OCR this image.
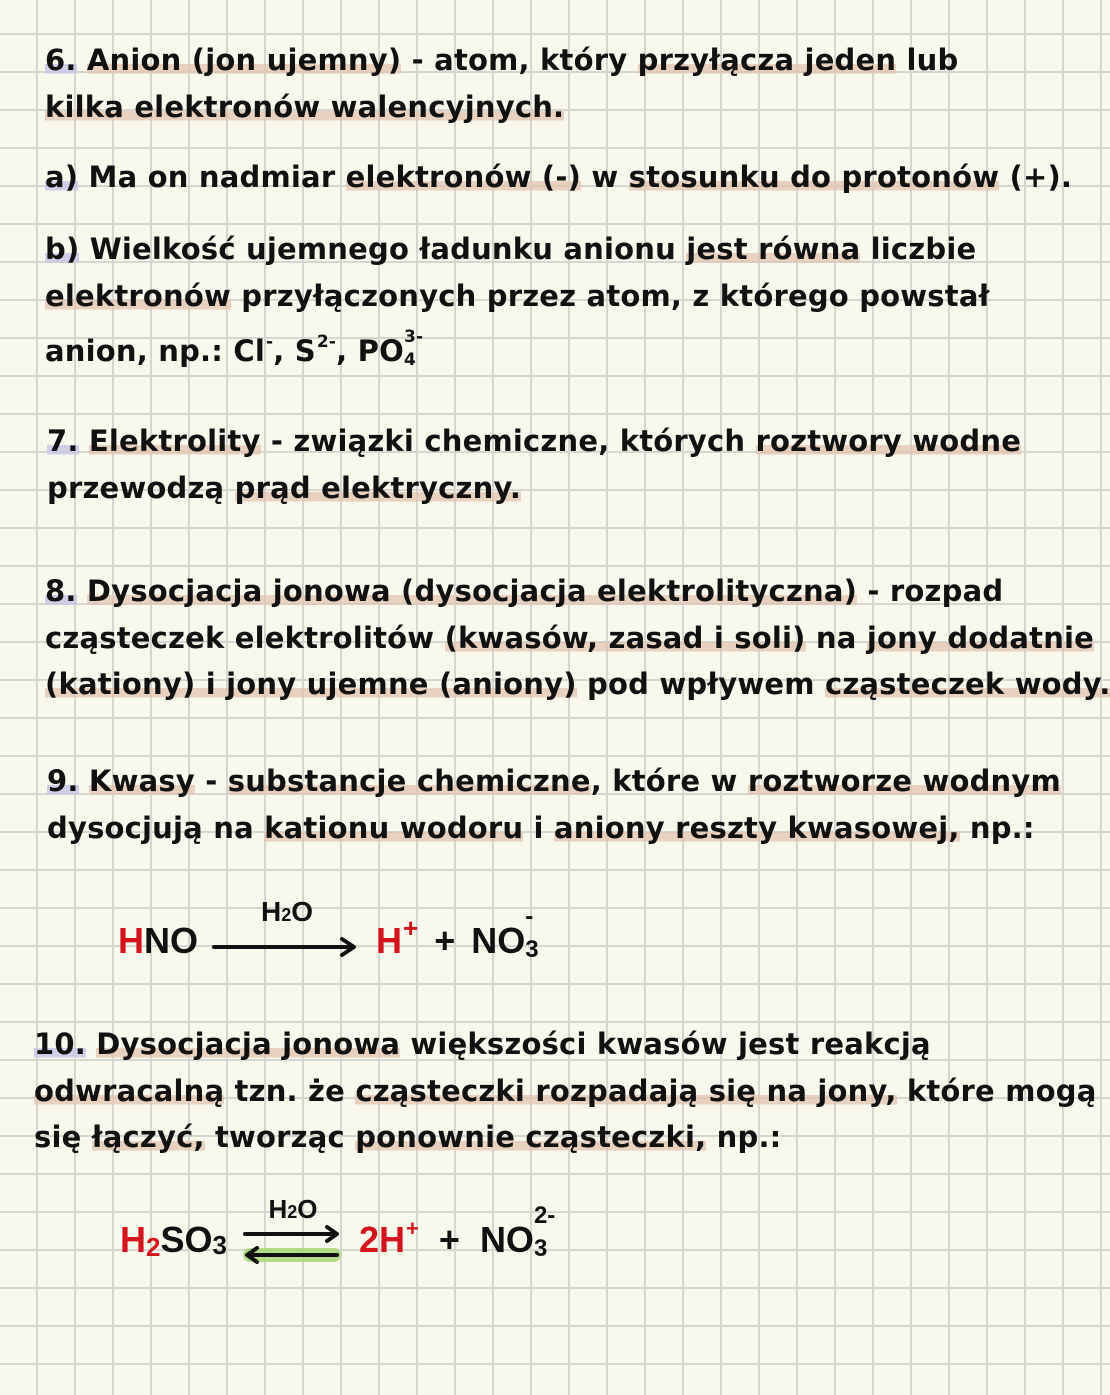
6. Anion (jon ujemny) - atom, który przyłącza jeden lub
kilka elektronów walencyjnych.
a) Ma on nadmiar elektronów (-) w stosunku do protonów (+).
b) Wielkość ujemnego ładunku anionu jest równa liczbie
elektronów przyłączonych przez atom, z którego powstał
anion, np.: Cl-, $S^{2-}$, PO 3-
4
7. Elektrolity - związki chemiczne, których roztwory wodne
przewodzą prąd elektryczny.
8. Dysocjacja jonowa (dysocjacja elektrolityczna) - rozpad
cząsteczek elektrolitów (kwasów, zasad i soli) na jony dodatnie
(kationy) i jony ujemne (aniony) pod wpływem cząsteczek wody.
9. Kwasy - substancje chemiczne, które w roztworze wodnym
dysocjują na kationu wodoru i aniony reszty kwasowej, np.:
HNO
H2O
H+ + NO
-
3
10. Dysocjacja jonowa większości kwasów jest reakcją
odwracalną tzn. że cząsteczki rozpadają się na jony, które mogą
się łączyć, tworząc ponownie cząsteczki, np.:
H2SO3
H2O
2H+ + NO
2-
3
